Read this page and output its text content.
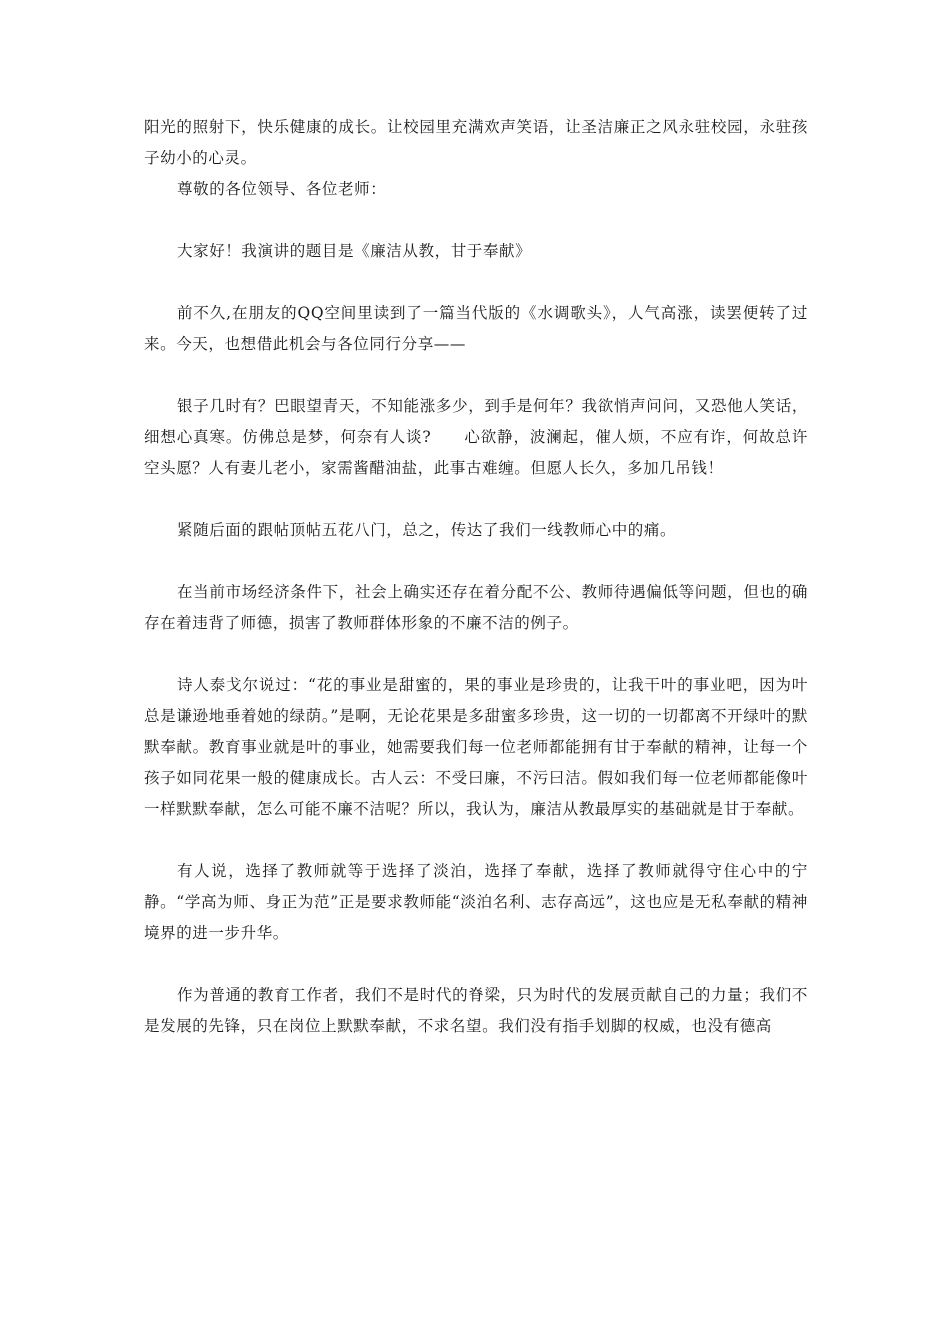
阳光的照射下，快乐健康的成长。让校园里充满欢声笑语，让圣洁廉正之风永驻校园，永驻孩子幼小的心灵。

尊敬的各位领导、各位老师：

大家好！我演讲的题目是《廉洁从教，甘于奉献》

前不久,在朋友的QQ空间里读到了一篇当代版的《水调歌头》，人气高涨，读罢便转了过来。今天，也想借此机会与各位同行分享——

银子几时有？巴眼望青天，不知能涨多少，到手是何年？我欲悄声问问，又恐他人笑话，细想心真寒。仿佛总是梦，何奈有人谈?　　心欲静，波澜起，催人烦，不应有诈，何故总许空头愿？人有妻儿老小，家需酱醋油盐，此事古难缠。但愿人长久，多加几吊钱！

紧随后面的跟帖顶帖五花八门，总之，传达了我们一线教师心中的痛。

在当前市场经济条件下，社会上确实还存在着分配不公、教师待遇偏低等问题，但也的确存在着违背了师德，损害了教师群体形象的不廉不洁的例子。

诗人泰戈尔说过：“花的事业是甜蜜的，果的事业是珍贵的，让我干叶的事业吧，因为叶总是谦逊地垂着她的绿荫。”是啊，无论花果是多甜蜜多珍贵，这一切的一切都离不开绿叶的默默奉献。教育事业就是叶的事业，她需要我们每一位老师都能拥有甘于奉献的精神，让每一个孩子如同花果一般的健康成长。古人云：不受曰廉，不污曰洁。假如我们每一位老师都能像叶一样默默奉献，怎么可能不廉不洁呢？所以，我认为，廉洁从教最厚实的基础就是甘于奉献。

有人说，选择了教师就等于选择了淡泊，选择了奉献，选择了教师就得守住心中的宁静。“学高为师、身正为范”正是要求教师能“淡泊名利、志存高远”，这也应是无私奉献的精神境界的进一步升华。

作为普通的教育工作者，我们不是时代的脊梁，只为时代的发展贡献自己的力量；我们不是发展的先锋，只在岗位上默默奉献，不求名望。我们没有指手划脚的权威，也没有德高
